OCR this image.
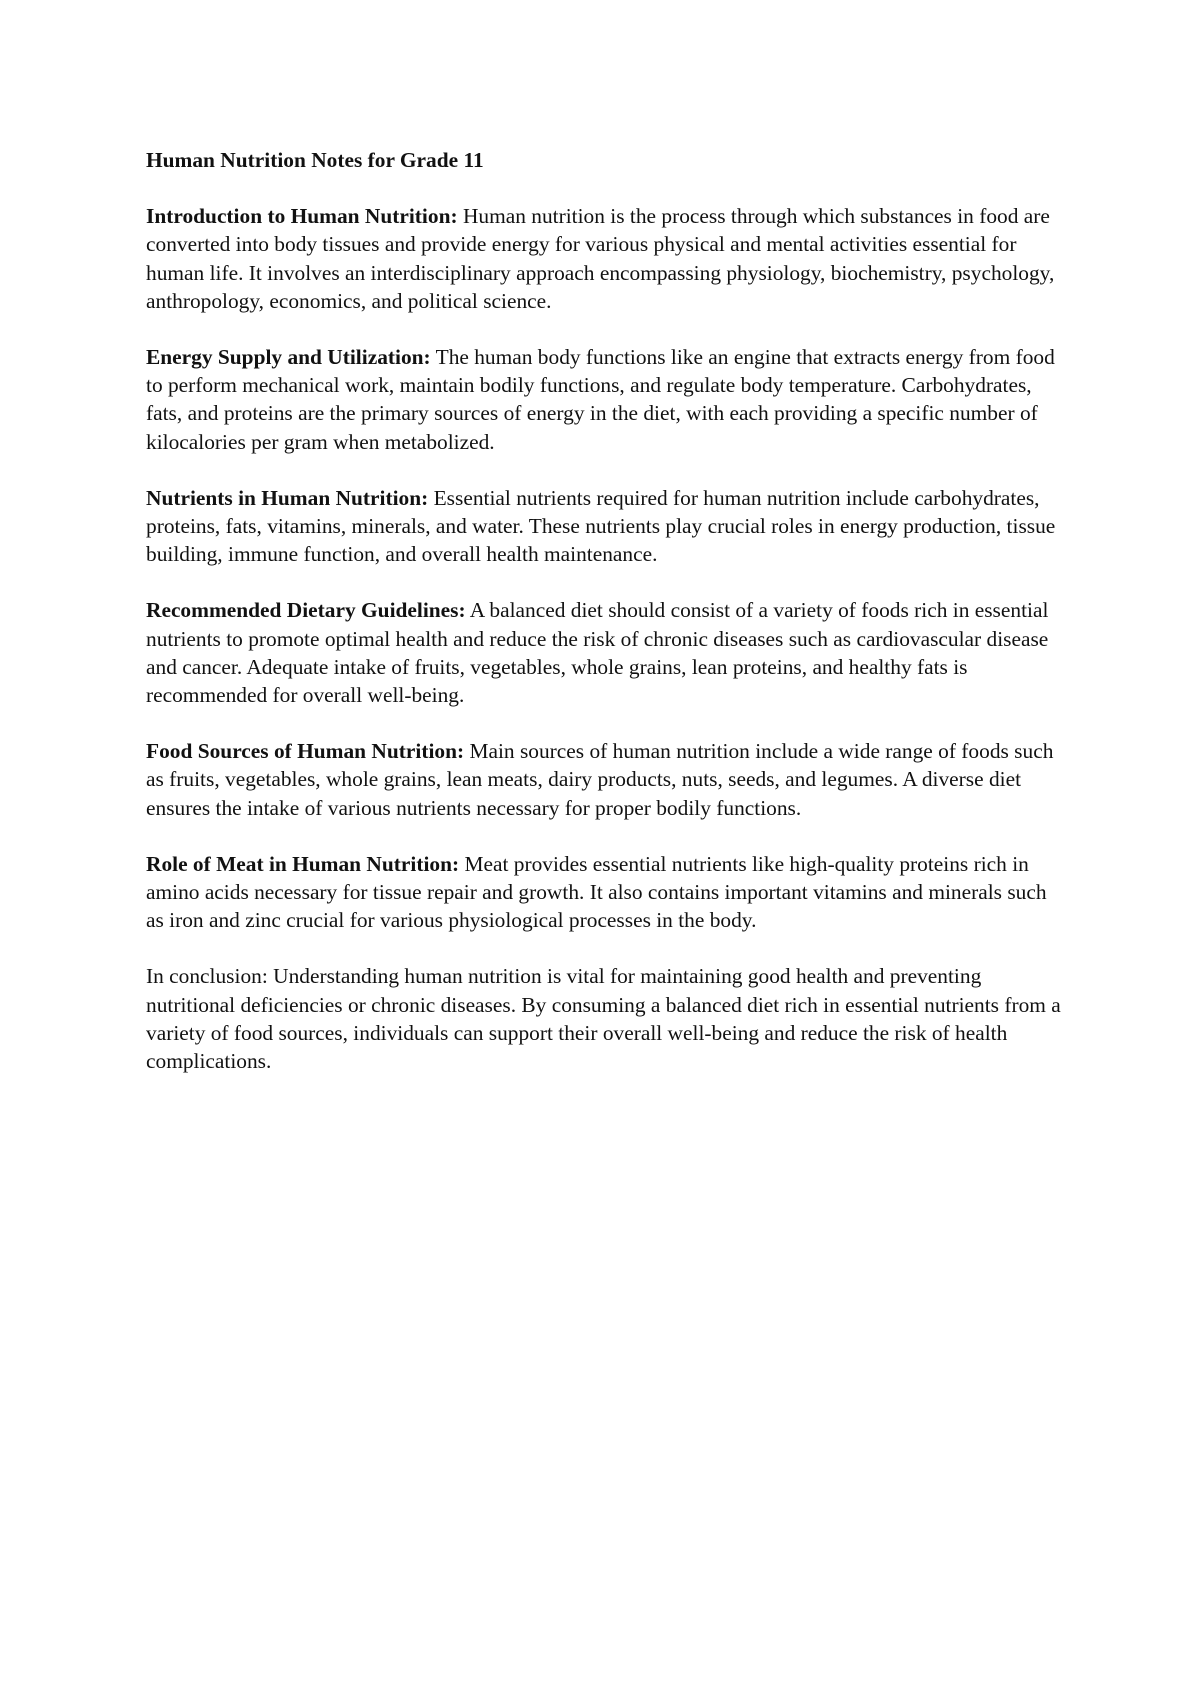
Human Nutrition Notes for Grade 11

Introduction to Human Nutrition: Human nutrition is the process through which substances in food are converted into body tissues and provide energy for various physical and mental activities essential for human life. It involves an interdisciplinary approach encompassing physiology, biochemistry, psychology, anthropology, economics, and political science.

Energy Supply and Utilization: The human body functions like an engine that extracts energy from food to perform mechanical work, maintain bodily functions, and regulate body temperature. Carbohydrates, fats, and proteins are the primary sources of energy in the diet, with each providing a specific number of kilocalories per gram when metabolized.

Nutrients in Human Nutrition: Essential nutrients required for human nutrition include carbohydrates, proteins, fats, vitamins, minerals, and water. These nutrients play crucial roles in energy production, tissue building, immune function, and overall health maintenance.

Recommended Dietary Guidelines: A balanced diet should consist of a variety of foods rich in essential nutrients to promote optimal health and reduce the risk of chronic diseases such as cardiovascular disease and cancer. Adequate intake of fruits, vegetables, whole grains, lean proteins, and healthy fats is recommended for overall well-being.

Food Sources of Human Nutrition: Main sources of human nutrition include a wide range of foods such as fruits, vegetables, whole grains, lean meats, dairy products, nuts, seeds, and legumes. A diverse diet ensures the intake of various nutrients necessary for proper bodily functions.

Role of Meat in Human Nutrition: Meat provides essential nutrients like high-quality proteins rich in amino acids necessary for tissue repair and growth. It also contains important vitamins and minerals such as iron and zinc crucial for various physiological processes in the body.

In conclusion: Understanding human nutrition is vital for maintaining good health and preventing nutritional deficiencies or chronic diseases. By consuming a balanced diet rich in essential nutrients from a variety of food sources, individuals can support their overall well-being and reduce the risk of health complications.
